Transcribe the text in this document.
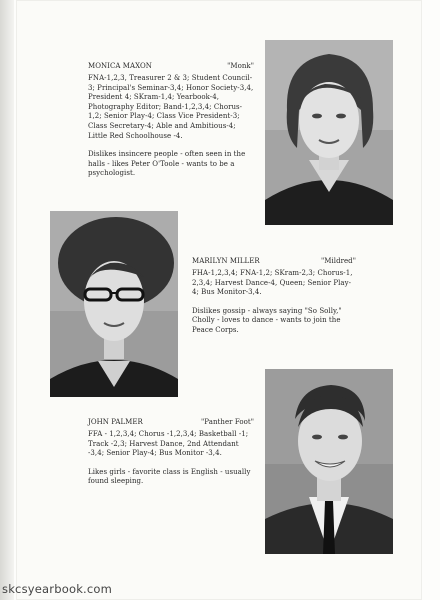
MONICA MAXON	"Monk"

FNA-1,2,3, Treasurer 2 & 3; Student Council-3; Principal's Seminar-3,4; Honor Society-3,4, President 4; SKram-1,4; Yearbook-4, Photography Editor; Band-1,2,3,4; Chorus-1,2; Senior Play-4; Class Vice President-3; Class Secretary-4; Able and Ambitious-4; Little Red Schoolhouse -4.

Dislikes insincere people - often seen in the halls - likes Peter O'Toole - wants to be a psychologist.

MARILYN MILLER	"Mildred"

FHA-1,2,3,4; FNA-1,2; SKram-2,3; Chorus-1, 2,3,4; Harvest Dance-4, Queen; Senior Play-4; Bus Monitor-3,4.

Dislikes gossip - always saying "So Solly," Cholly - loves to dance - wants to join the Peace Corps.

JOHN PALMER	"Panther Foot"

FFA - 1,2,3,4; Chorus -1,2,3,4; Basketball -1; Track -2,3; Harvest Dance, 2nd Attendant -3,4; Senior Play-4; Bus Monitor -3,4.

Likes girls - favorite class is English - usually found sleeping.

skcsyearbook.com
